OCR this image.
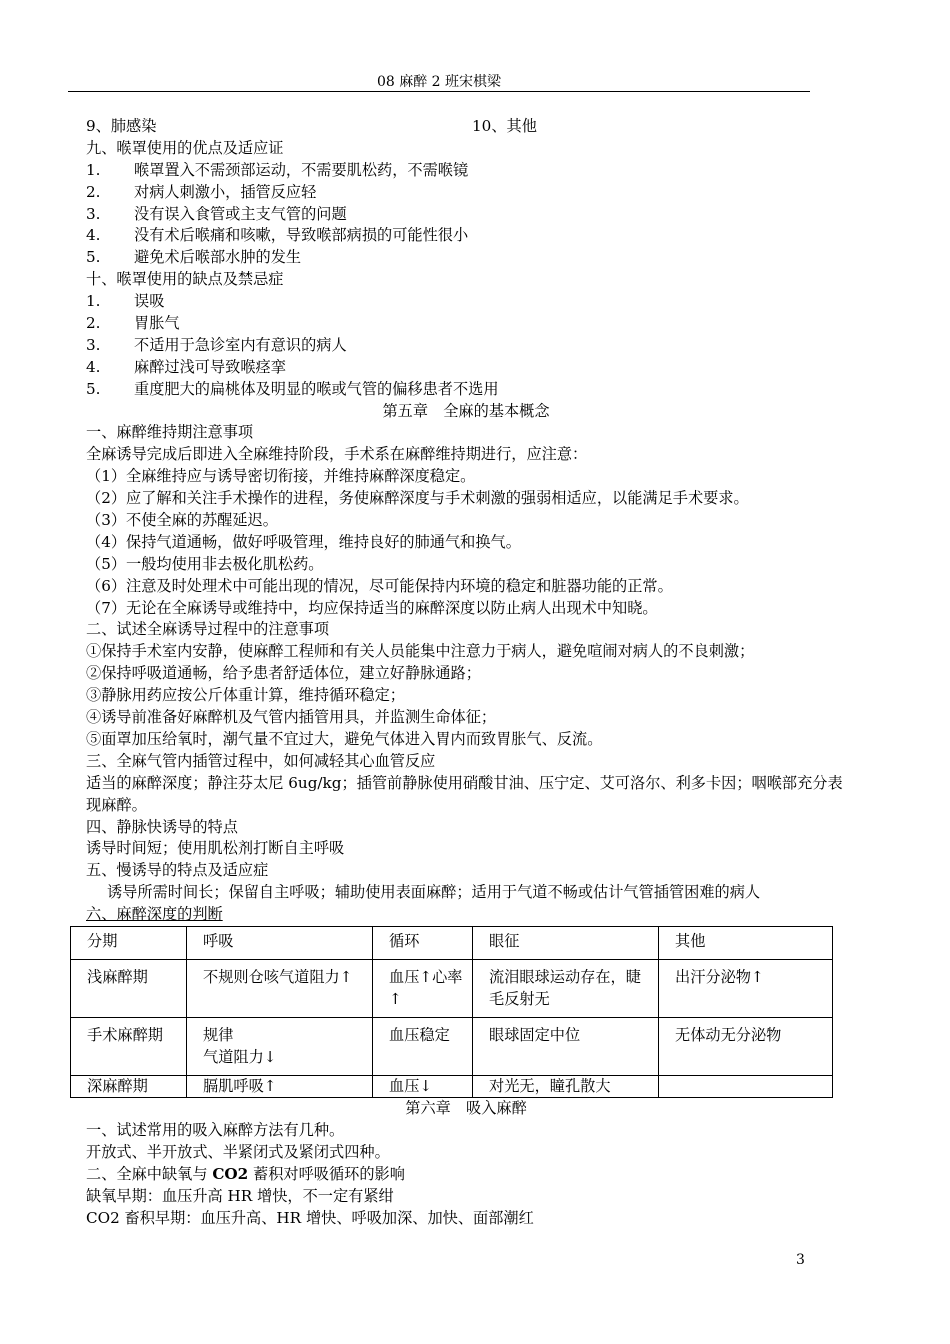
08 麻醉 2 班宋棋梁
9、肺感染	10、其他
九、喉罩使用的优点及适应证
1. 喉罩置入不需颈部运动，不需要肌松药，不需喉镜
2. 对病人刺激小，插管反应轻
3. 没有误入食管或主支气管的问题
4. 没有术后喉痛和咳嗽，导致喉部病损的可能性很小
5. 避免术后喉部水肿的发生
十、喉罩使用的缺点及禁忌症
1. 误吸
2. 胃胀气
3. 不适用于急诊室内有意识的病人
4. 麻醉过浅可导致喉痉挛
5. 重度肥大的扁桃体及明显的喉或气管的偏移患者不选用
第五章　全麻的基本概念
一、麻醉维持期注意事项
全麻诱导完成后即进入全麻维持阶段，手术系在麻醉维持期进行，应注意：
（1）全麻维持应与诱导密切衔接，并维持麻醉深度稳定。
（2）应了解和关注手术操作的进程，务使麻醉深度与手术刺激的强弱相适应，以能满足手术要求。
（3）不使全麻的苏醒延迟。
（4）保持气道通畅，做好呼吸管理，维持良好的肺通气和换气。
（5）一般均使用非去极化肌松药。
（6）注意及时处理术中可能出现的情况，尽可能保持内环境的稳定和脏器功能的正常。
（7）无论在全麻诱导或维持中，均应保持适当的麻醉深度以防止病人出现术中知晓。
二、试述全麻诱导过程中的注意事项
①保持手术室内安静，使麻醉工程师和有关人员能集中注意力于病人，避免喧闹对病人的不良刺激；
②保持呼吸道通畅，给予患者舒适体位，建立好静脉通路；
③静脉用药应按公斤体重计算，维持循环稳定；
④诱导前准备好麻醉机及气管内插管用具，并监测生命体征；
⑤面罩加压给氧时，潮气量不宜过大，避免气体进入胃内而致胃胀气、反流。
三、全麻气管内插管过程中，如何减轻其心血管反应
适当的麻醉深度；静注芬太尼 6ug/kg；插管前静脉使用硝酸甘油、压宁定、艾可洛尔、利多卡因；咽喉部充分表现麻醉。
四、静脉快诱导的特点
诱导时间短；使用肌松剂打断自主呼吸
五、慢诱导的特点及适应症
诱导所需时间长；保留自主呼吸；辅助使用表面麻醉；适用于气道不畅或估计气管插管困难的病人
六、麻醉深度的判断
分期	呼吸	循环	眼征	其他
浅麻醉期	不规则仓咳气道阻力↑	血压↑心率↑	流泪眼球运动存在，睫毛反射无	出汗分泌物↑
手术麻醉期	规律
气道阻力↓	血压稳定	眼球固定中位	无体动无分泌物
深麻醉期	膈肌呼吸↑	血压↓	对光无，瞳孔散大	
第六章　吸入麻醉
一、试述常用的吸入麻醉方法有几种。
开放式、半开放式、半紧闭式及紧闭式四种。
二、全麻中缺氧与 CO2 蓄积对呼吸循环的影响
缺氧早期：血压升高 HR 增快，不一定有紧绀
CO2 畜积早期：血压升高、HR 增快、呼吸加深、加快、面部潮红
3
